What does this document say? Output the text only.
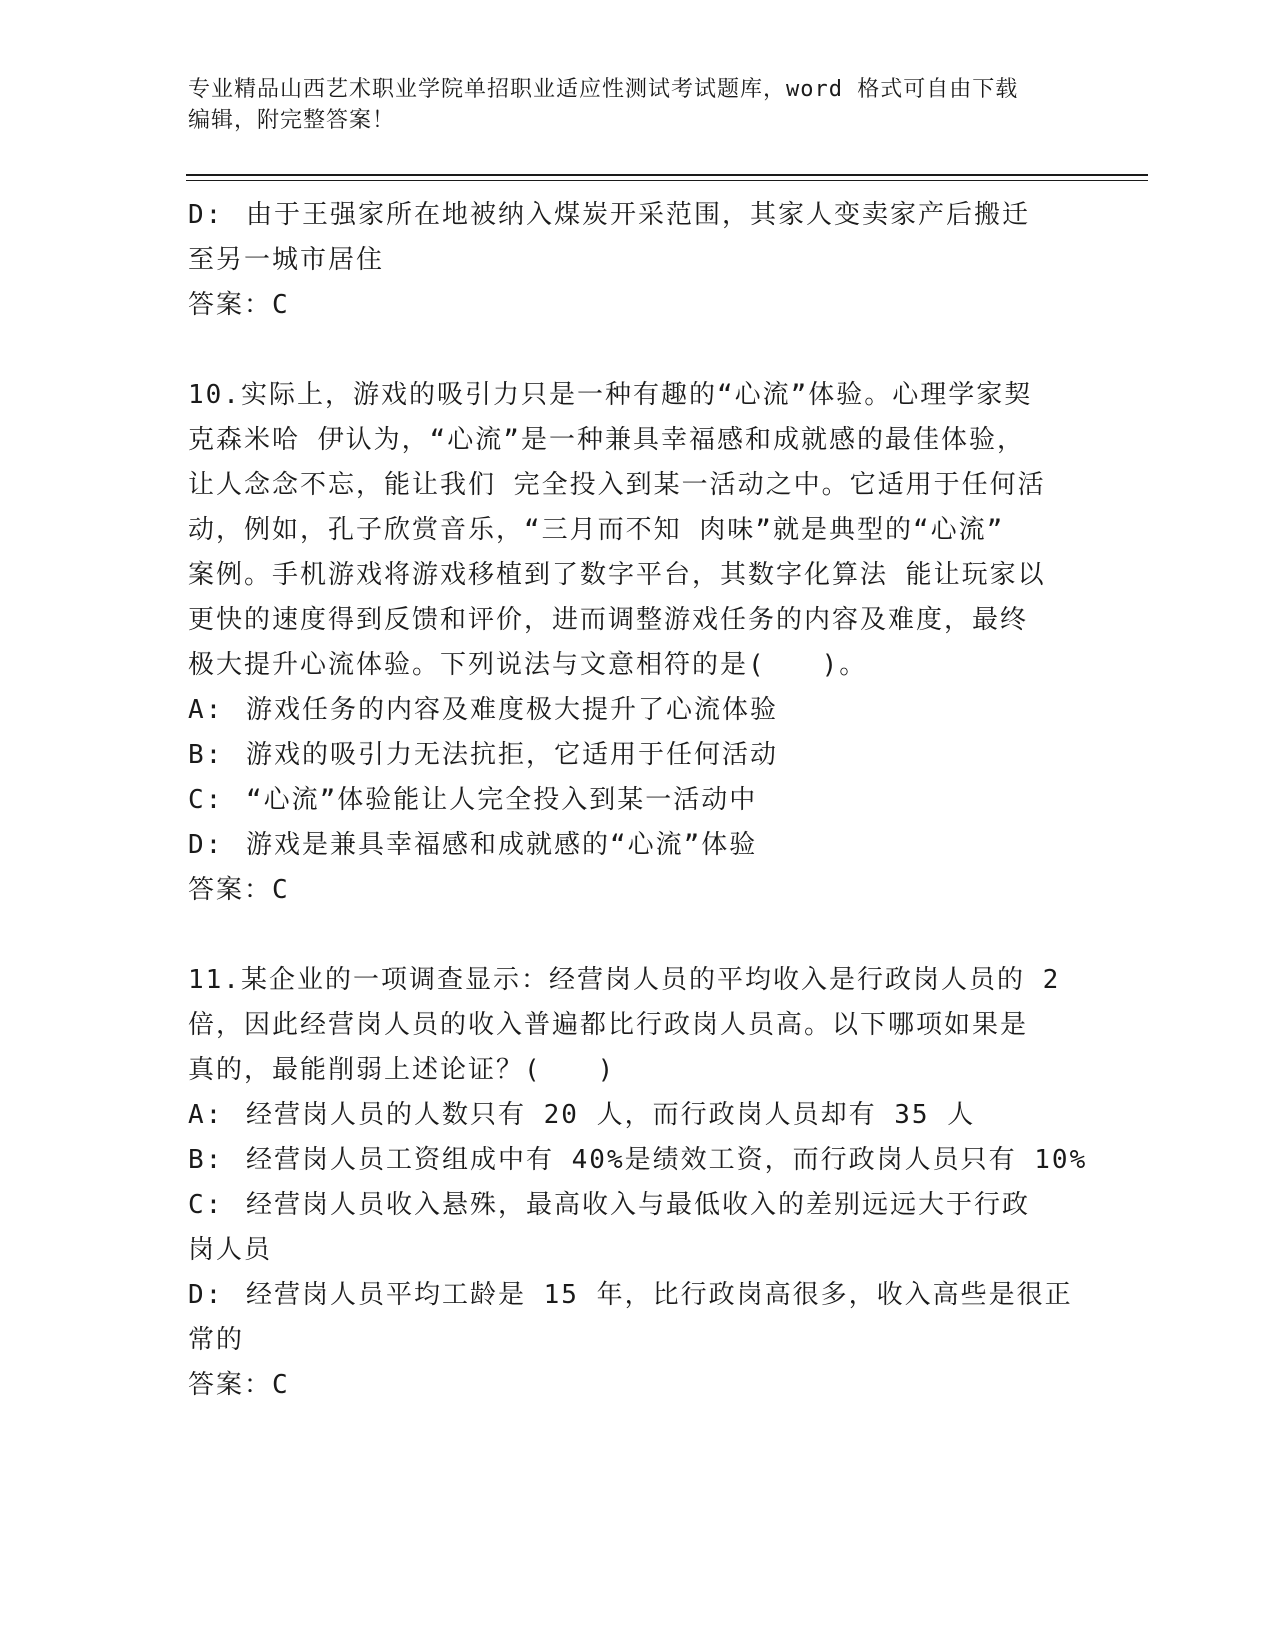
专业精品山西艺术职业学院单招职业适应性测试考试题库，word 格式可自由下载
编辑，附完整答案！
D: 由于王强家所在地被纳入煤炭开采范围，其家人变卖家产后搬迁
至另一城市居住
答案：C
10.实际上，游戏的吸引力只是一种有趣的“心流”体验。心理学家契
克森米哈 伊认为，“心流”是一种兼具幸福感和成就感的最佳体验，
让人念念不忘，能让我们 完全投入到某一活动之中。它适用于任何活
动，例如，孔子欣赏音乐，“三月而不知 肉味”就是典型的“心流”
案例。手机游戏将游戏移植到了数字平台，其数字化算法 能让玩家以
更快的速度得到反馈和评价，进而调整游戏任务的内容及难度，最终
极大提升心流体验。下列说法与文意相符的是(　　)。
A: 游戏任务的内容及难度极大提升了心流体验
B: 游戏的吸引力无法抗拒，它适用于任何活动
C: “心流”体验能让人完全投入到某一活动中
D: 游戏是兼具幸福感和成就感的“心流”体验
答案：C
11.某企业的一项调查显示：经营岗人员的平均收入是行政岗人员的 2
倍，因此经营岗人员的收入普遍都比行政岗人员高。以下哪项如果是
真的，最能削弱上述论证？(　　)
A: 经营岗人员的人数只有 20 人，而行政岗人员却有 35 人
B: 经营岗人员工资组成中有 40%是绩效工资，而行政岗人员只有 10%
C: 经营岗人员收入悬殊，最高收入与最低收入的差别远远大于行政
岗人员
D: 经营岗人员平均工龄是 15 年，比行政岗高很多，收入高些是很正
常的
答案：C
